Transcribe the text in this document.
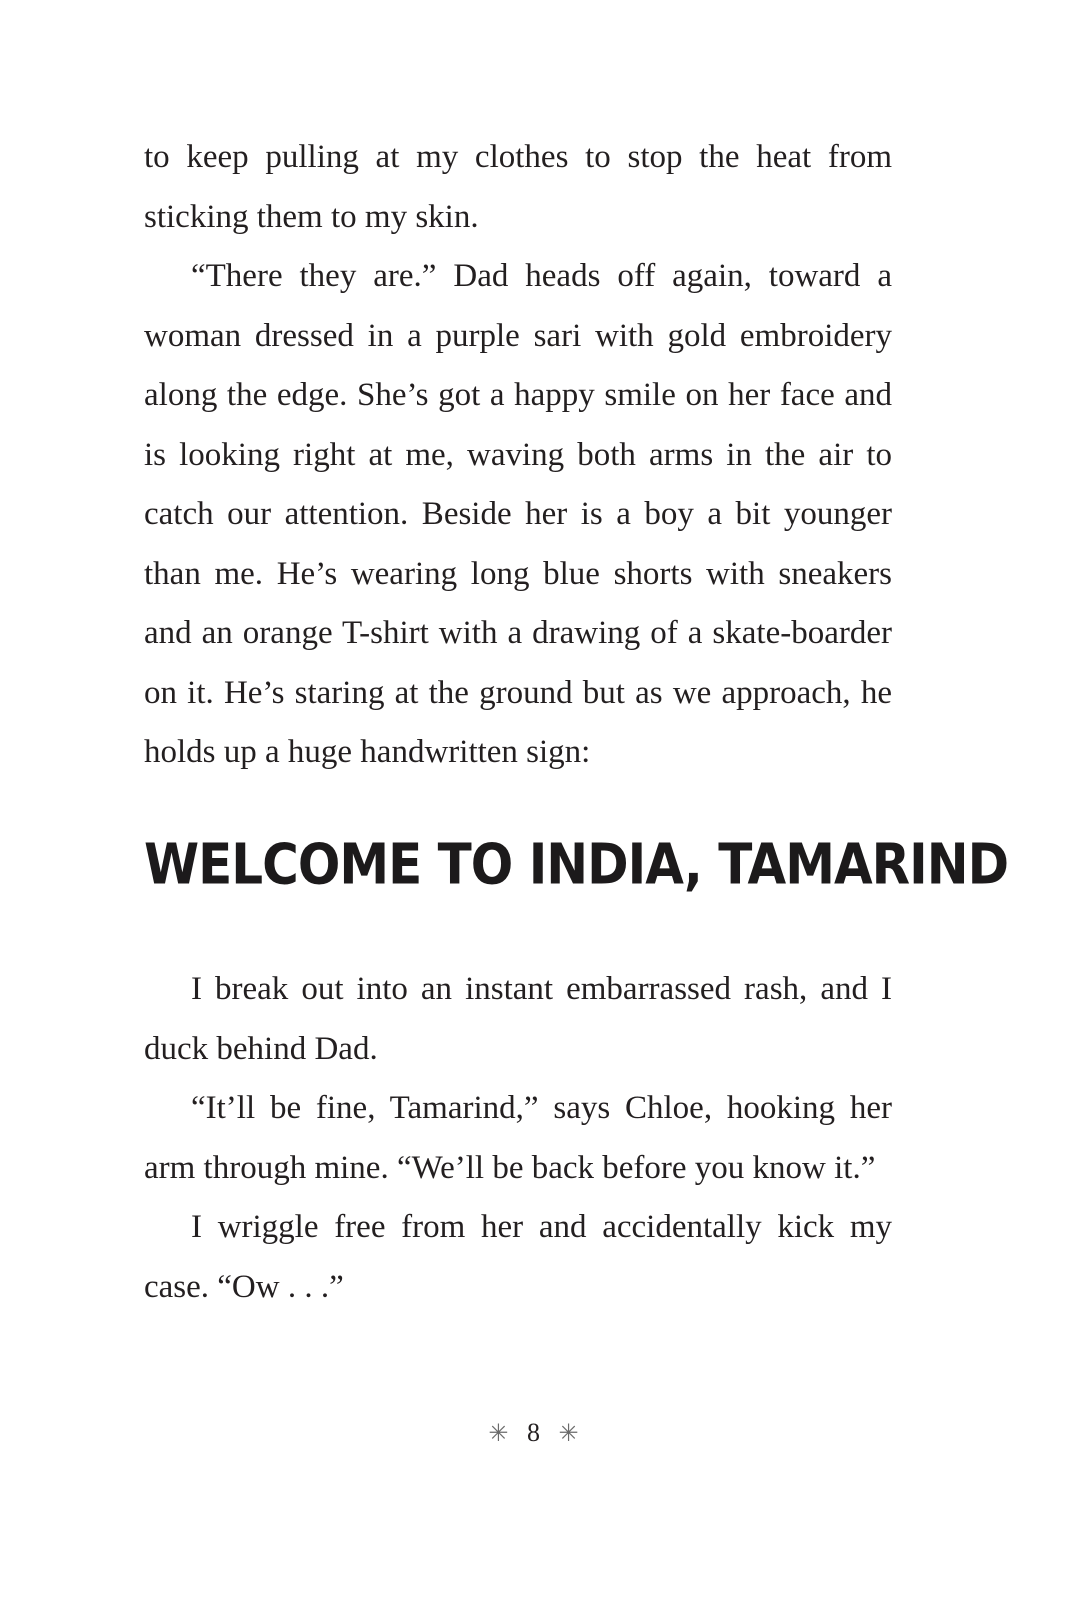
to keep pulling at my clothes to stop the heat from sticking them to my skin.

“There they are.” Dad heads off again, toward a woman dressed in a purple sari with gold embroidery along the edge. She’s got a happy smile on her face and is looking right at me, waving both arms in the air to catch our attention. Beside her is a boy a bit younger than me. He’s wearing long blue shorts with sneakers and an orange T-shirt with a drawing of a skate-boarder on it. He’s staring at the ground but as we approach, he holds up a huge handwritten sign:

WELCOME TO INDIA, TAMARIND

I break out into an instant embarrassed rash, and I duck behind Dad.

“It’ll be fine, Tamarind,” says Chloe, hooking her arm through mine. “We’ll be back before you know it.”

I wriggle free from her and accidentally kick my case. “Ow . . .”

✳ 8 ✳
